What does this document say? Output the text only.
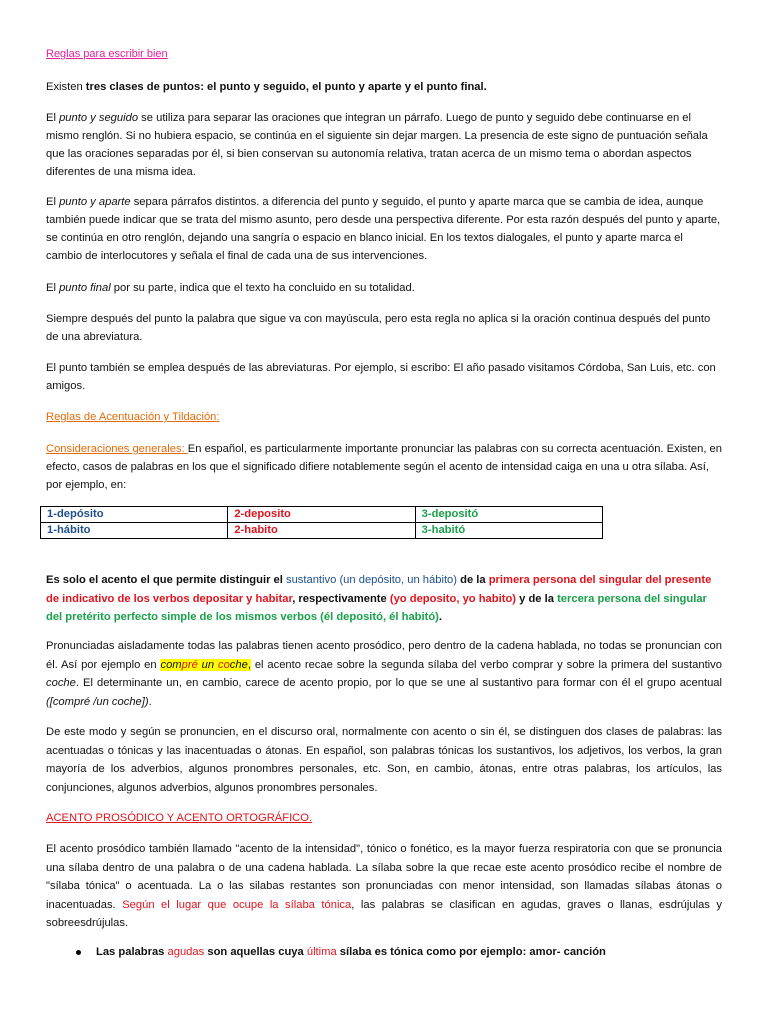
Reglas para escribir bien
Existen tres clases de puntos: el punto y seguido, el punto y aparte y el punto final.
El punto y seguido se utiliza para separar las oraciones que integran un párrafo. Luego de punto y seguido debe continuarse en el mismo renglón. Si no hubiera espacio, se continúa en el siguiente sin dejar margen. La presencia de este signo de puntuación señala que las oraciones separadas por él, si bien conservan su autonomía relativa, tratan acerca de un mismo tema o abordan aspectos diferentes de una misma idea.
El punto y aparte separa párrafos distintos. a diferencia del punto y seguido, el punto y aparte marca que se cambia de idea, aunque también puede indicar que se trata del mismo asunto, pero desde una perspectiva diferente. Por esta razón después del punto y aparte, se continúa en otro renglón, dejando una sangría o espacio en blanco inicial. En los textos dialogales, el punto y aparte marca el cambio de interlocutores y señala el final de cada una de sus intervenciones.
El punto final por su parte, indica que el texto ha concluido en su totalidad.
Siempre después del punto la palabra que sigue va con mayúscula, pero esta regla no aplica si la oración continua después del punto de una abreviatura.
El punto también se emplea después de las abreviaturas. Por ejemplo, si escribo: El año pasado visitamos Córdoba, San Luis, etc. con amigos.
Reglas de Acentuación y Tildación:
Consideraciones generales: En español, es particularmente importante pronunciar las palabras con su correcta acentuación. Existen, en efecto, casos de palabras en los que el significado difiere notablemente según el acento de intensidad caiga en una u otra sílaba. Así, por ejemplo, en:
1-depósito	2-deposito	3-depositó
1-hábito	2-habito	3-habitó
Es solo el acento el que permite distinguir el sustantivo (un depósito, un hábito) de la primera persona del singular del presente de indicativo de los verbos depositar y habitar, respectivamente (yo deposito, yo habito) y de la tercera persona del singular del pretérito perfecto simple de los mismos verbos (él depositó, él habitó).
Pronunciadas aisladamente todas las palabras tienen acento prosódico, pero dentro de la cadena hablada, no todas se pronuncian con él. Así por ejemplo en compré un coche, el acento recae sobre la segunda sílaba del verbo comprar y sobre la primera del sustantivo coche. El determinante un, en cambio, carece de acento propio, por lo que se une al sustantivo para formar con él el grupo acentual ([compré /un coche]).
De este modo y según se pronuncien, en el discurso oral, normalmente con acento o sin él, se distinguen dos clases de palabras: las acentuadas o tónicas y las inacentuadas o átonas. En español, son palabras tónicas los sustantivos, los adjetivos, los verbos, la gran mayoría de los adverbios, algunos pronombres personales, etc. Son, en cambio, átonas, entre otras palabras, los artículos, las conjunciones, algunos adverbios, algunos pronombres personales.
ACENTO PROSÓDICO Y ACENTO ORTOGRÁFICO.
El acento prosódico también llamado "acento de la intensidad", tónico o fonético, es la mayor fuerza respiratoria con que se pronuncia una sílaba dentro de una palabra o de una cadena hablada. La sílaba sobre la que recae este acento prosódico recibe el nombre de "sílaba tónica" o acentuada. La o las silabas restantes son pronunciadas con menor intensidad, son llamadas sílabas átonas o inacentuadas. Según el lugar que ocupe la sílaba tónica, las palabras se clasifican en agudas, graves o llanas, esdrújulas y sobreesdrújulas.
Las palabras agudas son aquellas cuya última sílaba es tónica como por ejemplo: amor- canción
